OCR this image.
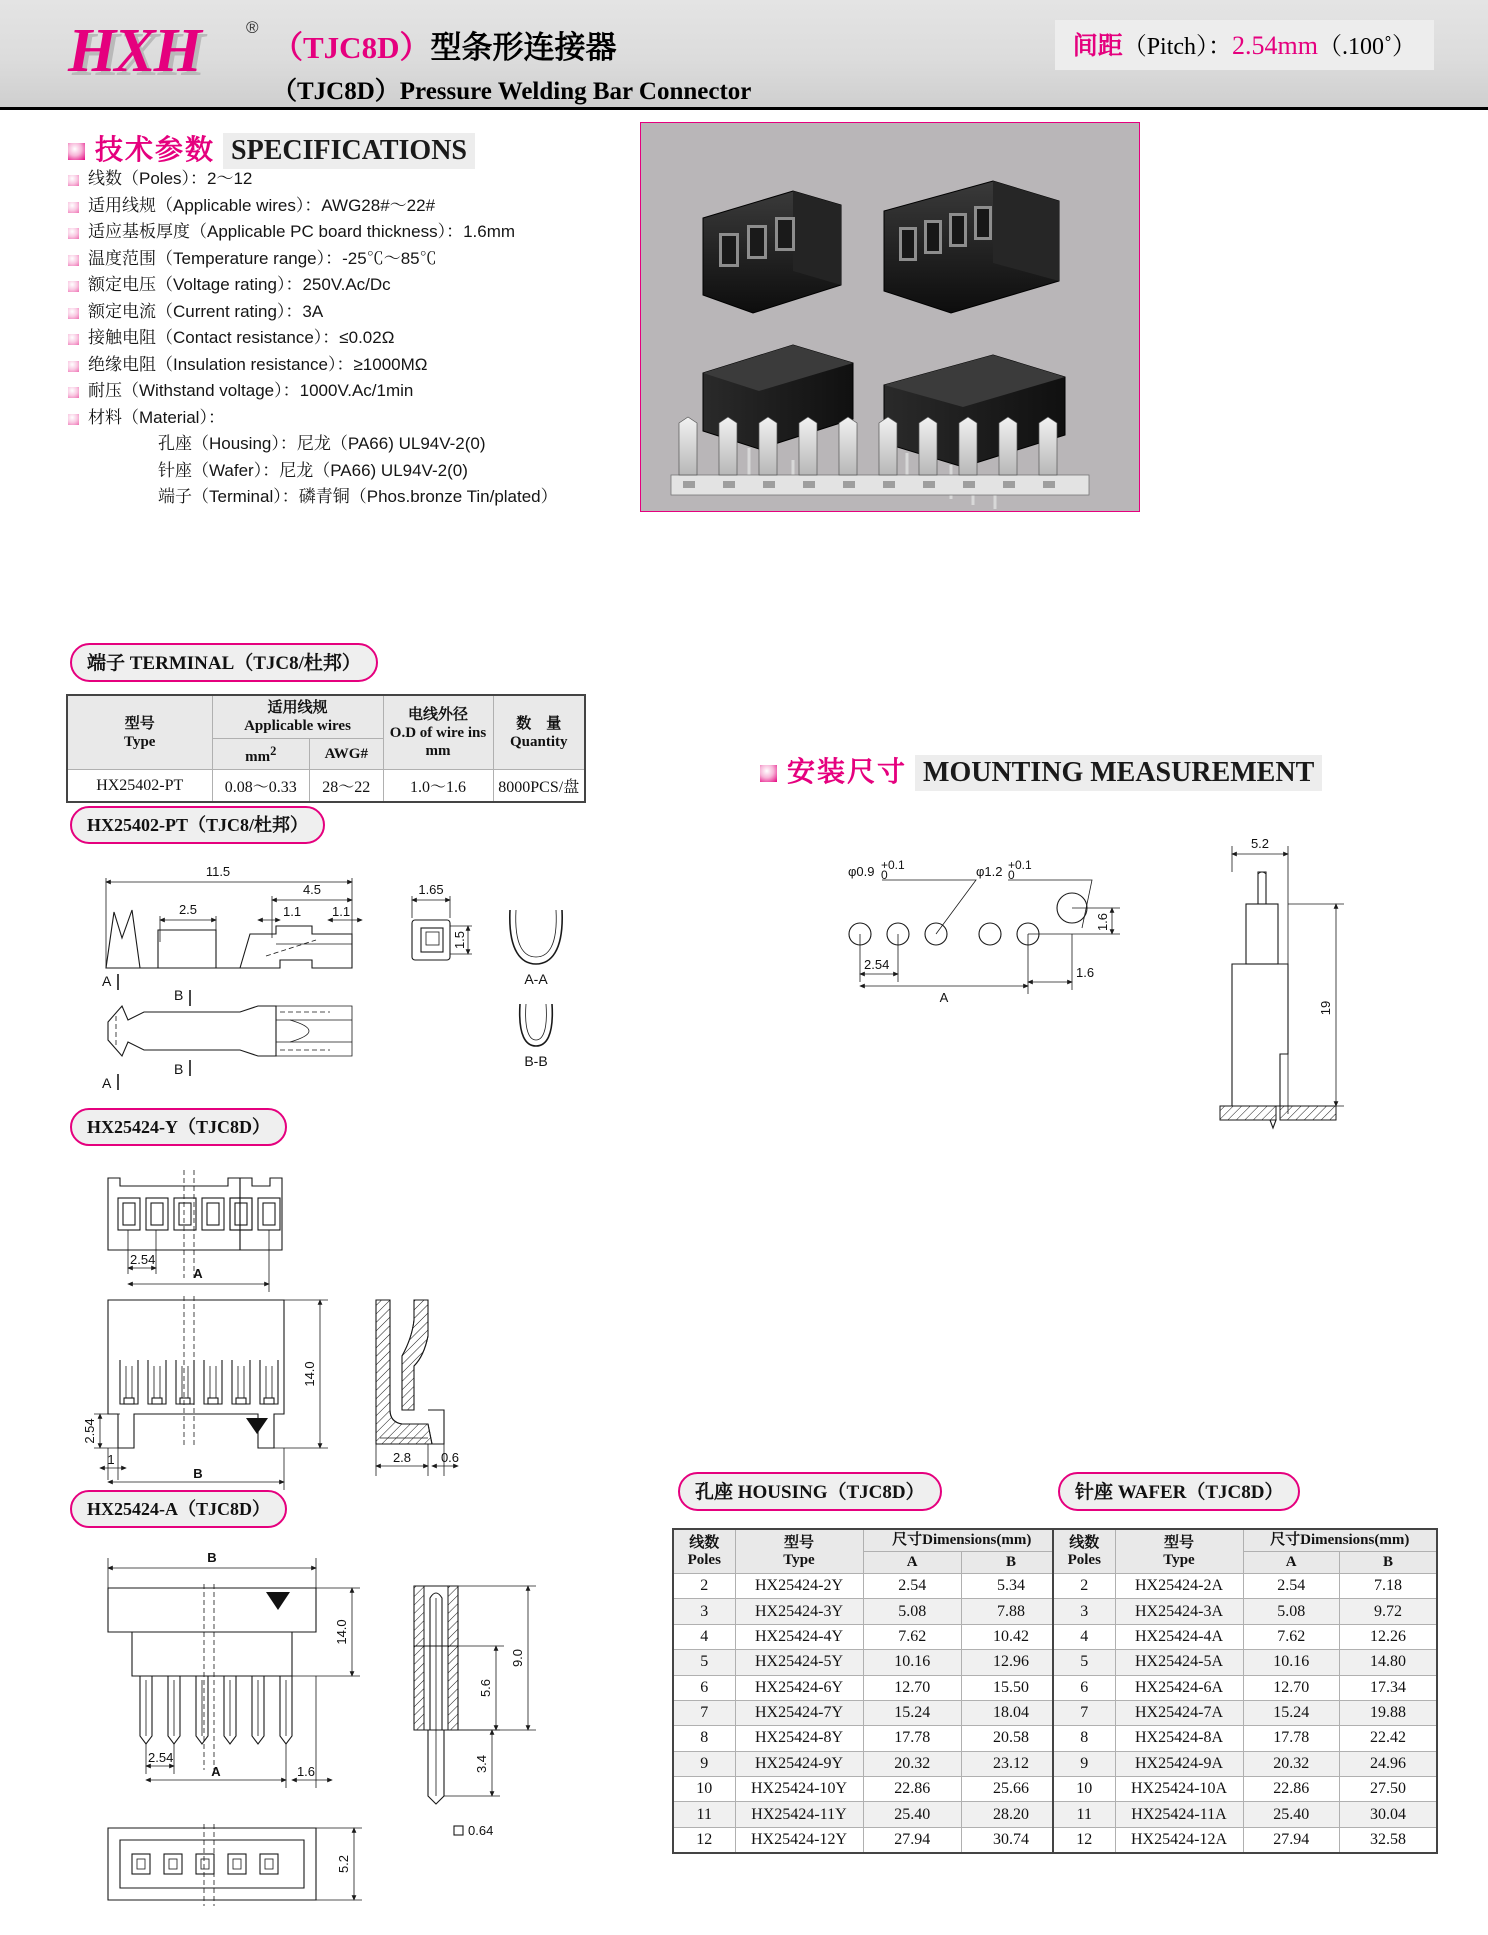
HXH	®
（TJC8D）型条形连接器
（TJC8D）Pressure Welding Bar Connector
间距（Pitch）：2.54mm（.100˚）
技术参数 SPECIFICATIONS
线数（Poles）：2～12
适用线规（Applicable wires）：AWG28#～22#
适应基板厚度（Applicable PC board thickness）：1.6mm
温度范围（Temperature range）：-25℃～85℃
额定电压（Voltage rating）：250V.Ac/Dc
额定电流（Current rating）：3A
接触电阻（Contact resistance）：≤0.02Ω
绝缘电阻（Insulation resistance）：≥1000MΩ
耐压（Withstand voltage）：1000V.Ac/1min
材料（Material）：
孔座（Housing）：尼龙（PA66) UL94V-2(0)
针座（Wafer）：尼龙（PA66) UL94V-2(0)
端子（Terminal）：磷青铜（Phos.bronze Tin/plated）
端子 TERMINAL（TJC8/杜邦）
型号
Type

适用线规
Applicable wires

电线外径
O.D of wire ins
mm

数　量
Quantity

	$mm^2$	AWG#		
HX25402-PT	0.08～0.33	28～22	1.0～1.6	8000PCS/盘
HX25402-PT（TJC8/杜邦）
11.5
4.5
2.5	1.1 1.1
A
B
B
A
1.65
1.5
A-A
B-B
安装尺寸 MOUNTING MEASUREMENT
φ0.9 +0.1
0	φ1.2 +0.1
0
2.54
A
1.6
1.6
5.2
19
HX25424-Y（TJC8D）
2.54
A
14.0
2.54
1
B
2.8 0.6
HX25424-A（TJC8D）
B
14.0
2.54
A	1.6
5.2
9.0
5.6
3.4
0.64
孔座 HOUSING（TJC8D）
线数
Poles

型号
Type
	尺寸Dimensions(mm)
		A	B
2	HX25424-2Y	2.54	5.34
3	HX25424-3Y	5.08	7.88
4	HX25424-4Y	7.62	10.42
5	HX25424-5Y	10.16	12.96
6	HX25424-6Y	12.70	15.50
7	HX25424-7Y	15.24	18.04
8	HX25424-8Y	17.78	20.58
9	HX25424-9Y	20.32	23.12
10	HX25424-10Y	22.86	25.66
11	HX25424-11Y	25.40	28.20
12	HX25424-12Y	27.94	30.74
针座 WAFER（TJC8D）
线数
Poles

型号
Type
	尺寸Dimensions(mm)
		A	B
2	HX25424-2A	2.54	7.18
3	HX25424-3A	5.08	9.72
4	HX25424-4A	7.62	12.26
5	HX25424-5A	10.16	14.80
6	HX25424-6A	12.70	17.34
7	HX25424-7A	15.24	19.88
8	HX25424-8A	17.78	22.42
9	HX25424-9A	20.32	24.96
10	HX25424-10A	22.86	27.50
11	HX25424-11A	25.40	30.04
12	HX25424-12A	27.94	32.58
